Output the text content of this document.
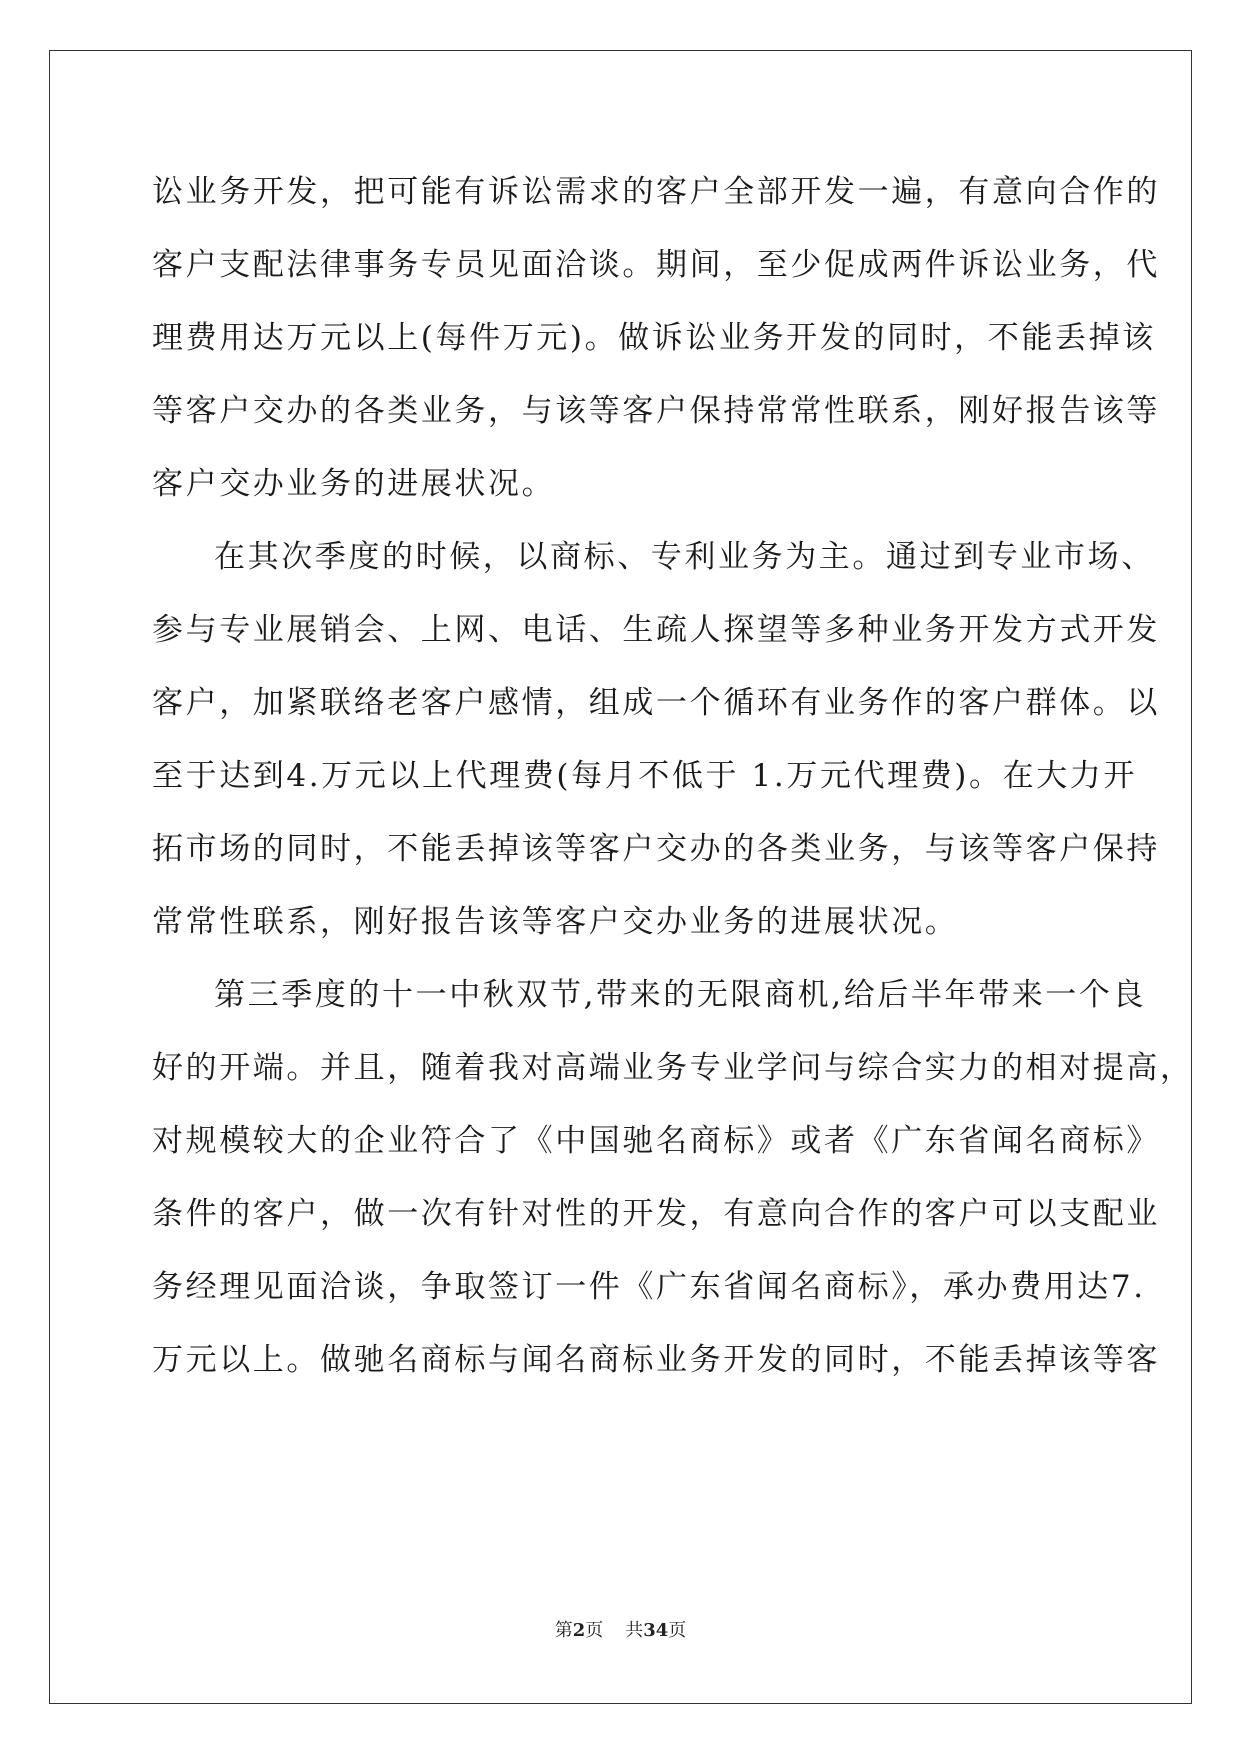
讼业务开发，把可能有诉讼需求的客户全部开发一遍，有意向合作的
客户支配法律事务专员见面洽谈。期间，至少促成两件诉讼业务，代
理费用达万元以上(每件万元)。做诉讼业务开发的同时，不能丢掉该
等客户交办的各类业务，与该等客户保持常常性联系，刚好报告该等
客户交办业务的进展状况。
在其次季度的时候，以商标、专利业务为主。通过到专业市场、
参与专业展销会、上网、电话、生疏人探望等多种业务开发方式开发
客户，加紧联络老客户感情，组成一个循环有业务作的客户群体。以
至于达到4.万元以上代理费(每月不低于 1.万元代理费)。在大力开
拓市场的同时，不能丢掉该等客户交办的各类业务，与该等客户保持
常常性联系，刚好报告该等客户交办业务的进展状况。
第三季度的十一中秋双节,带来的无限商机,给后半年带来一个良
好的开端。并且，随着我对高端业务专业学问与综合实力的相对提高，
对规模较大的企业符合了《中国驰名商标》或者《广东省闻名商标》
条件的客户，做一次有针对性的开发，有意向合作的客户可以支配业
务经理见面洽谈，争取签订一件《广东省闻名商标》，承办费用达7.
万元以上。做驰名商标与闻名商标业务开发的同时，不能丢掉该等客
第2页 共34页
